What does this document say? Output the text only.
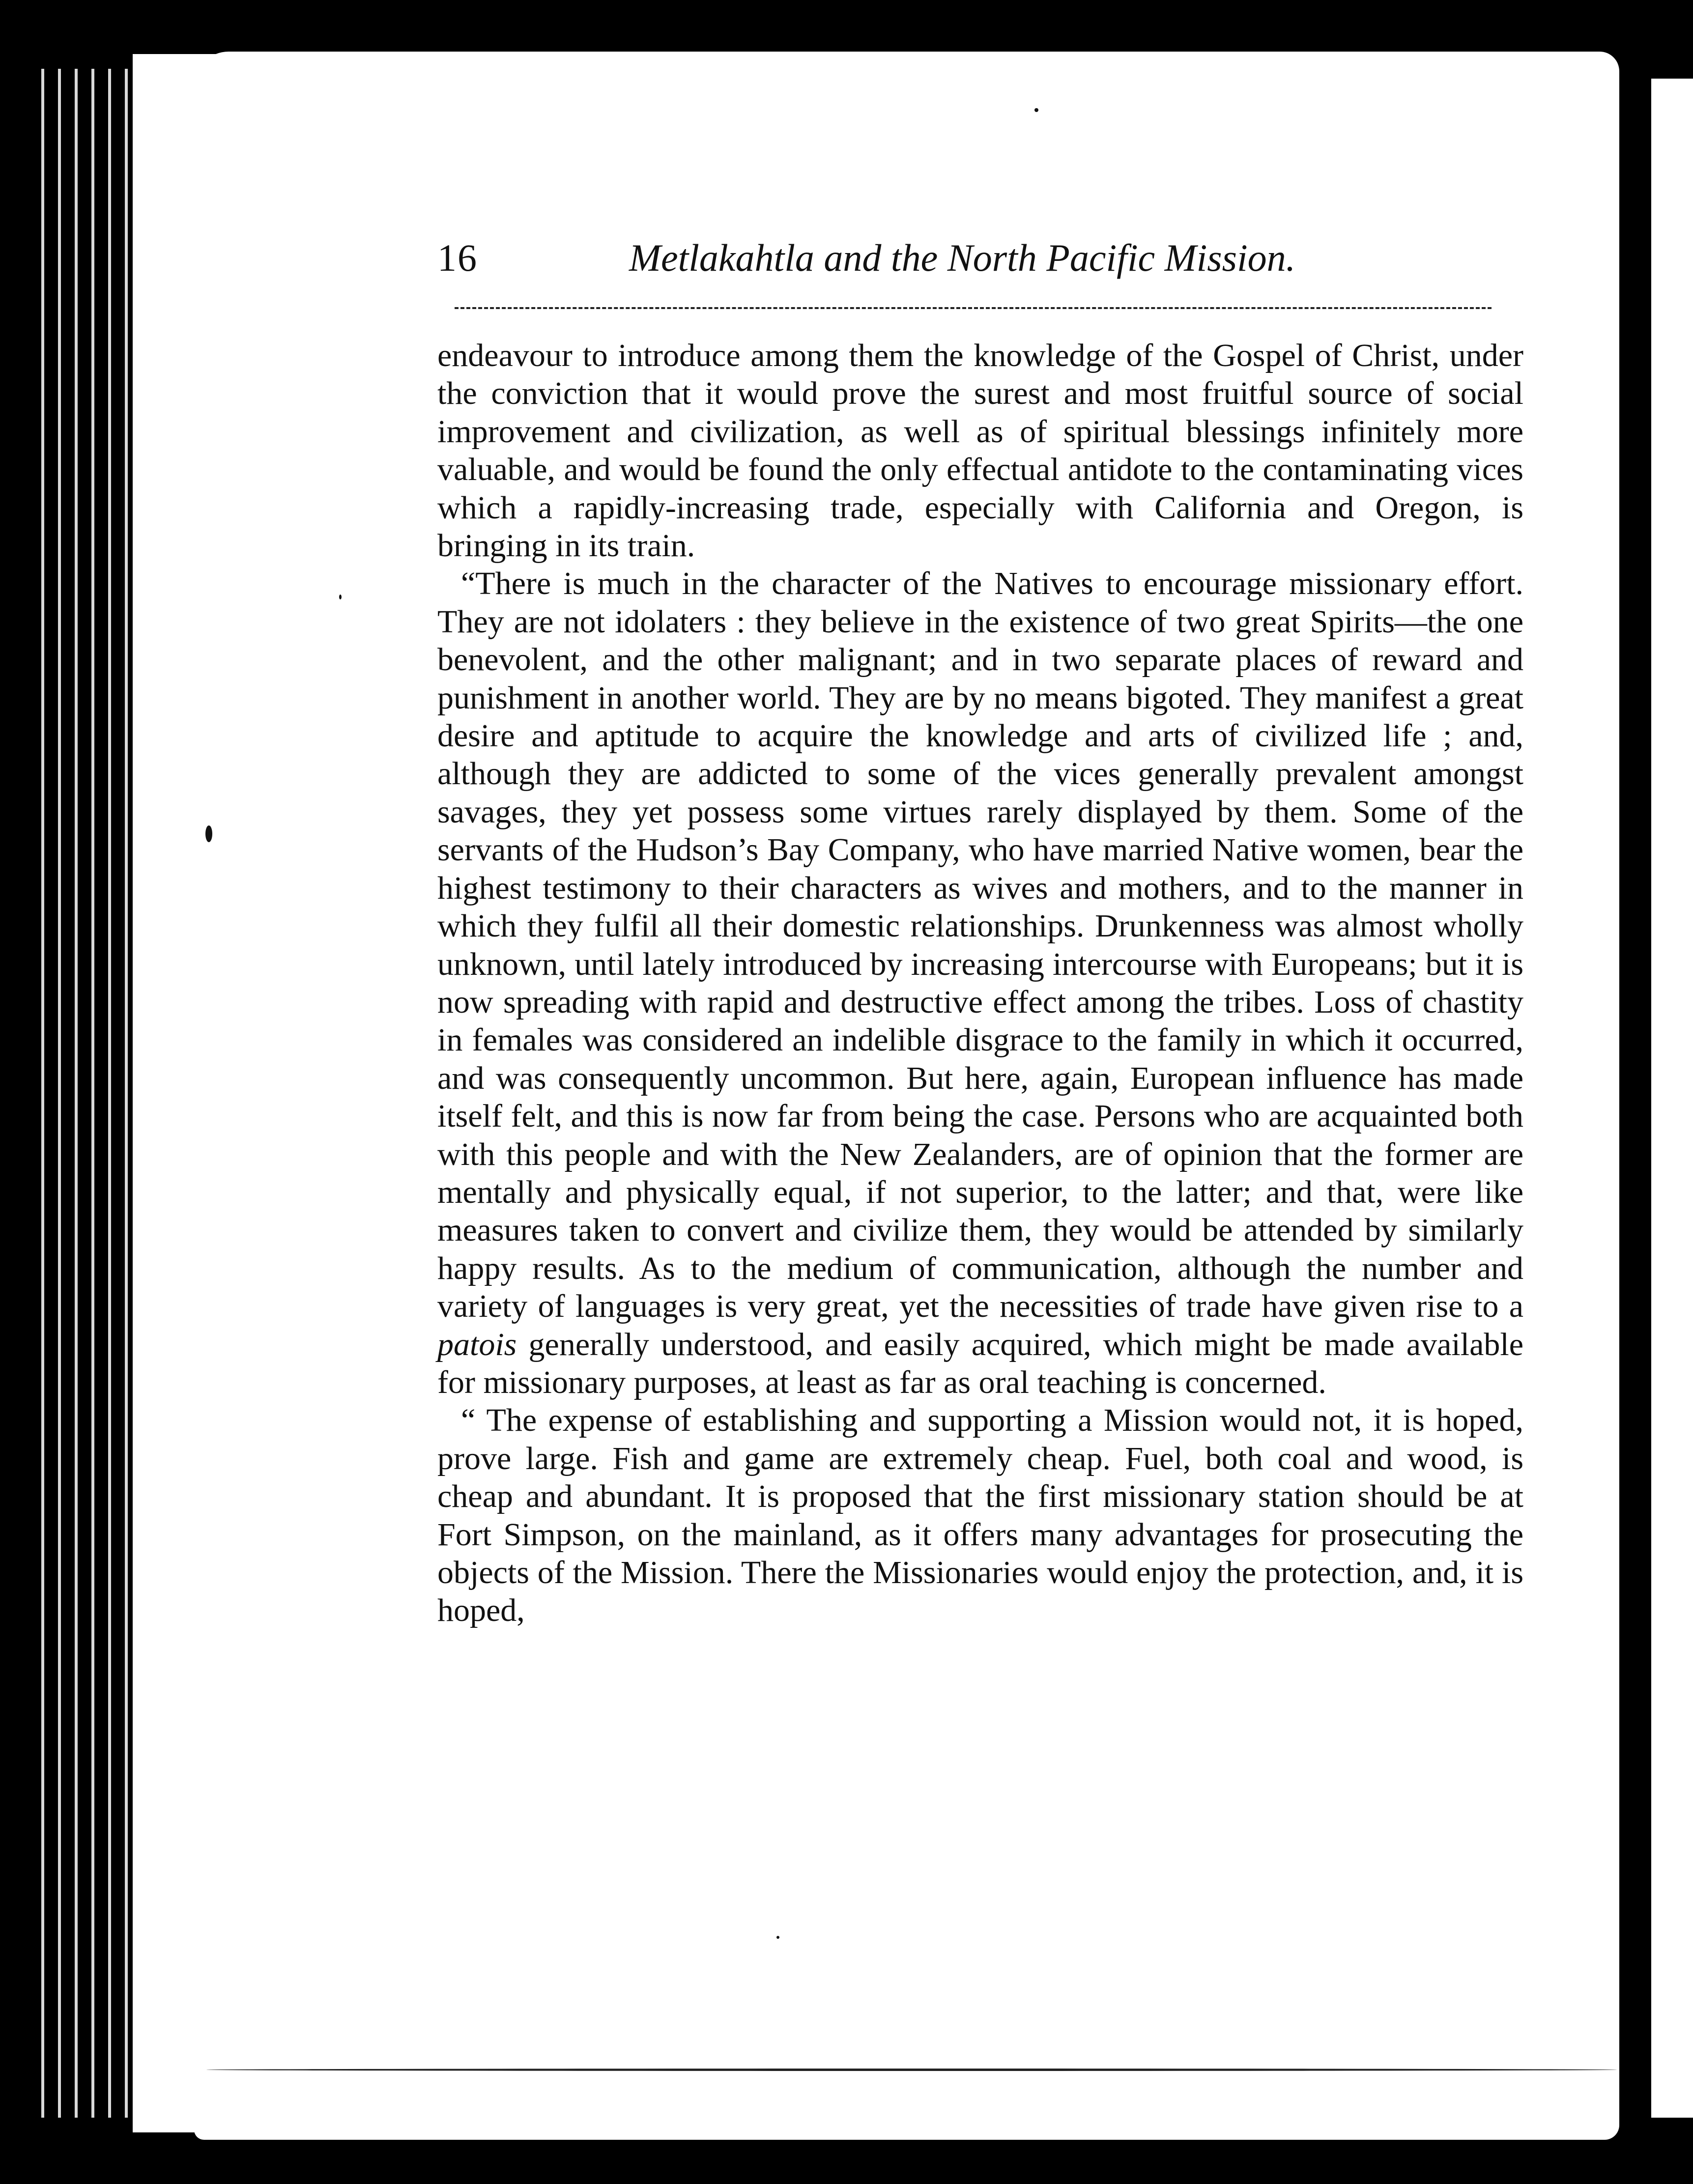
16	Metlakahtla and the North Pacific Mission.

endeavour to introduce among them the knowledge of the Gospel of Christ, under the conviction that it would prove the surest and most fruitful source of social improvement and civilization, as well as of spiritual blessings infinitely more valuable, and would be found the only effectual antidote to the contaminating vices which a rapidly-increasing trade, especially with California and Oregon, is bringing in its train.

“There is much in the character of the Natives to encourage missionary effort. They are not idolaters : they believe in the existence of two great Spirits—the one benevolent, and the other malignant; and in two separate places of reward and punishment in another world. They are by no means bigoted. They manifest a great desire and aptitude to acquire the knowledge and arts of civilized life ; and, although they are addicted to some of the vices generally prevalent amongst savages, they yet possess some virtues rarely displayed by them. Some of the servants of the Hudson’s Bay Company, who have married Native women, bear the highest testimony to their characters as wives and mothers, and to the manner in which they fulfil all their domestic relationships. Drunkenness was almost wholly unknown, until lately introduced by increasing intercourse with Europeans; but it is now spreading with rapid and destructive effect among the tribes. Loss of chastity in females was considered an indelible disgrace to the family in which it occurred, and was consequently uncommon. But here, again, European influence has made itself felt, and this is now far from being the case. Persons who are acquainted both with this people and with the New Zealanders, are of opinion that the former are mentally and physically equal, if not superior, to the latter; and that, were like measures taken to convert and civilize them, they would be attended by similarly happy results. As to the medium of communication, although the number and variety of languages is very great, yet the necessities of trade have given rise to a patois generally understood, and easily acquired, which might be made available for missionary purposes, at least as far as oral teaching is concerned.

“ The expense of establishing and supporting a Mission would not, it is hoped, prove large. Fish and game are extremely cheap. Fuel, both coal and wood, is cheap and abundant. It is proposed that the first missionary station should be at Fort Simpson, on the mainland, as it offers many advantages for prosecuting the objects of the Mission. There the Missionaries would enjoy the protection, and, it is hoped,
